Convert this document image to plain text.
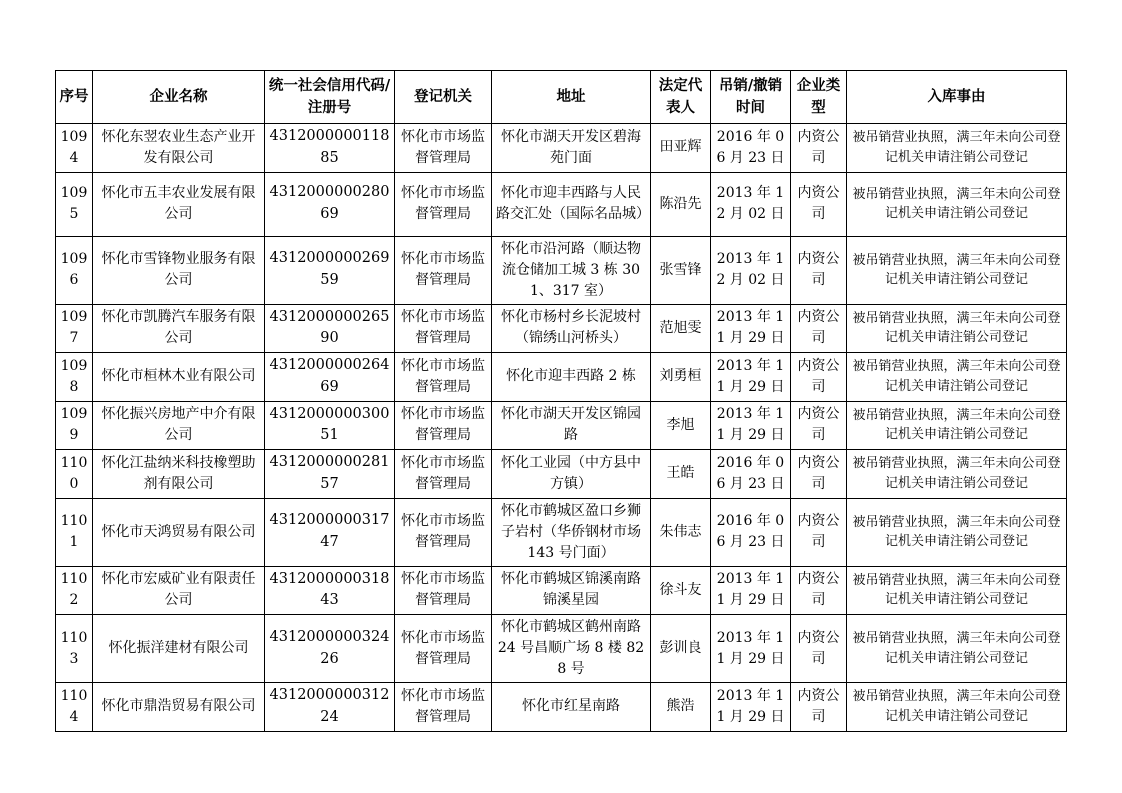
序号	企业名称	统一社会信用代码/注册号	登记机关	地址	法定代表人	吊销/撤销时间	企业类型	入库事由
1094	怀化东翌农业生态产业开发有限公司	431200000011885	怀化市市场监督管理局	怀化市湖天开发区碧海苑门面	田亚辉	2016 年 06 月 23 日	内资公司	被吊销营业执照，满三年未向公司登记机关申请注销公司登记
1095	怀化市五丰农业发展有限公司	431200000028069	怀化市市场监督管理局	怀化市迎丰西路与人民路交汇处（国际名品城）	陈沿先	2013 年 12 月 02 日	内资公司	被吊销营业执照，满三年未向公司登记机关申请注销公司登记
1096	怀化市雪锋物业服务有限公司	431200000026959	怀化市市场监督管理局	怀化市沿河路（顺达物流仓储加工城 3 栋 301、317 室）	张雪锋	2013 年 12 月 02 日	内资公司	被吊销营业执照，满三年未向公司登记机关申请注销公司登记
1097	怀化市凯腾汽车服务有限公司	431200000026590	怀化市市场监督管理局	怀化市杨村乡长泥坡村（锦绣山河桥头）	范旭雯	2013 年 11 月 29 日	内资公司	被吊销营业执照，满三年未向公司登记机关申请注销公司登记
1098	怀化市桓林木业有限公司	431200000026469	怀化市市场监督管理局	怀化市迎丰西路 2 栋	刘勇桓	2013 年 11 月 29 日	内资公司	被吊销营业执照，满三年未向公司登记机关申请注销公司登记
1099	怀化振兴房地产中介有限公司	431200000030051	怀化市市场监督管理局	怀化市湖天开发区锦园路	李旭	2013 年 11 月 29 日	内资公司	被吊销营业执照，满三年未向公司登记机关申请注销公司登记
1100	怀化江盐纳米科技橡塑助剂有限公司	431200000028157	怀化市市场监督管理局	怀化工业园（中方县中方镇）	王皓	2016 年 06 月 23 日	内资公司	被吊销营业执照，满三年未向公司登记机关申请注销公司登记
1101	怀化市天鸿贸易有限公司	431200000031747	怀化市市场监督管理局	怀化市鹤城区盈口乡狮子岩村（华侨钢材市场 143 号门面）	朱伟志	2016 年 06 月 23 日	内资公司	被吊销营业执照，满三年未向公司登记机关申请注销公司登记
1102	怀化市宏威矿业有限责任公司	431200000031843	怀化市市场监督管理局	怀化市鹤城区锦溪南路锦溪星园	徐斗友	2013 年 11 月 29 日	内资公司	被吊销营业执照，满三年未向公司登记机关申请注销公司登记
1103	怀化振洋建材有限公司	431200000032426	怀化市市场监督管理局	怀化市鹤城区鹤州南路 24 号昌顺广场 8 楼 828 号	彭训良	2013 年 11 月 29 日	内资公司	被吊销营业执照，满三年未向公司登记机关申请注销公司登记
1104	怀化市鼎浩贸易有限公司	431200000031224	怀化市市场监督管理局	怀化市红星南路	熊浩	2013 年 11 月 29 日	内资公司	被吊销营业执照，满三年未向公司登记机关申请注销公司登记
